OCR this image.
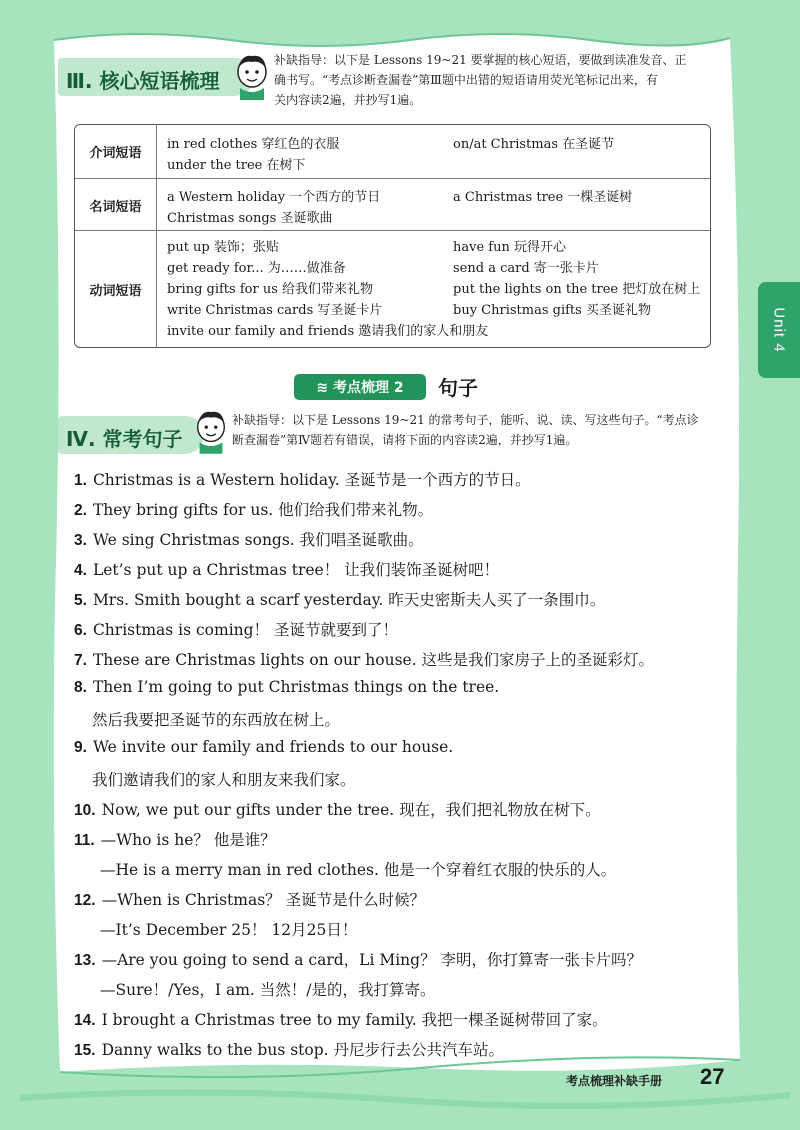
Unit 4
Ⅲ. 核心短语梳理
补缺指导：以下是 Lessons 19~21 要掌握的核心短语，要做到读准发音、正
确书写。“考点诊断查漏卷”第Ⅲ题中出错的短语请用荧光笔标记出来，有
关内容读2遍，并抄写1遍。
介词短语
in red clothes 穿红色的衣服	on/at Christmas 在圣诞节
under the tree 在树下
名词短语
a Western holiday 一个西方的节日	a Christmas tree 一棵圣诞树
Christmas songs 圣诞歌曲
动词短语
put up 装饰；张贴	have fun 玩得开心
get ready for... 为……做准备	send a card 寄一张卡片
bring gifts for us 给我们带来礼物	put the lights on the tree 把灯放在树上
write Christmas cards 写圣诞卡片	buy Christmas gifts 买圣诞礼物
invite our family and friends 邀请我们的家人和朋友
≋ 考点梳理 2	句子
Ⅳ. 常考句子
补缺指导：以下是 Lessons 19~21 的常考句子，能听、说、读、写这些句子。“考点诊
断查漏卷”第Ⅳ题若有错误，请将下面的内容读2遍，并抄写1遍。
1. Christmas is a Western holiday. 圣诞节是一个西方的节日。
2. They bring gifts for us. 他们给我们带来礼物。
3. We sing Christmas songs. 我们唱圣诞歌曲。
4. Let’s put up a Christmas tree！ 让我们装饰圣诞树吧！
5. Mrs. Smith bought a scarf yesterday. 昨天史密斯夫人买了一条围巾。
6. Christmas is coming！ 圣诞节就要到了！
7. These are Christmas lights on our house. 这些是我们家房子上的圣诞彩灯。
8. Then I’m going to put Christmas things on the tree.
然后我要把圣诞节的东西放在树上。
9. We invite our family and friends to our house.
我们邀请我们的家人和朋友来我们家。
10. Now, we put our gifts under the tree. 现在，我们把礼物放在树下。
11. —Who is he？ 他是谁？
—He is a merry man in red clothes. 他是一个穿着红衣服的快乐的人。
12. —When is Christmas？ 圣诞节是什么时候？
—It’s December 25！ 12月25日！
13. —Are you going to send a card，Li Ming？ 李明，你打算寄一张卡片吗？
—Sure！/Yes，I am. 当然！/是的，我打算寄。
14. I brought a Christmas tree to my family. 我把一棵圣诞树带回了家。
15. Danny walks to the bus stop. 丹尼步行去公共汽车站。
考点梳理补缺手册 27
